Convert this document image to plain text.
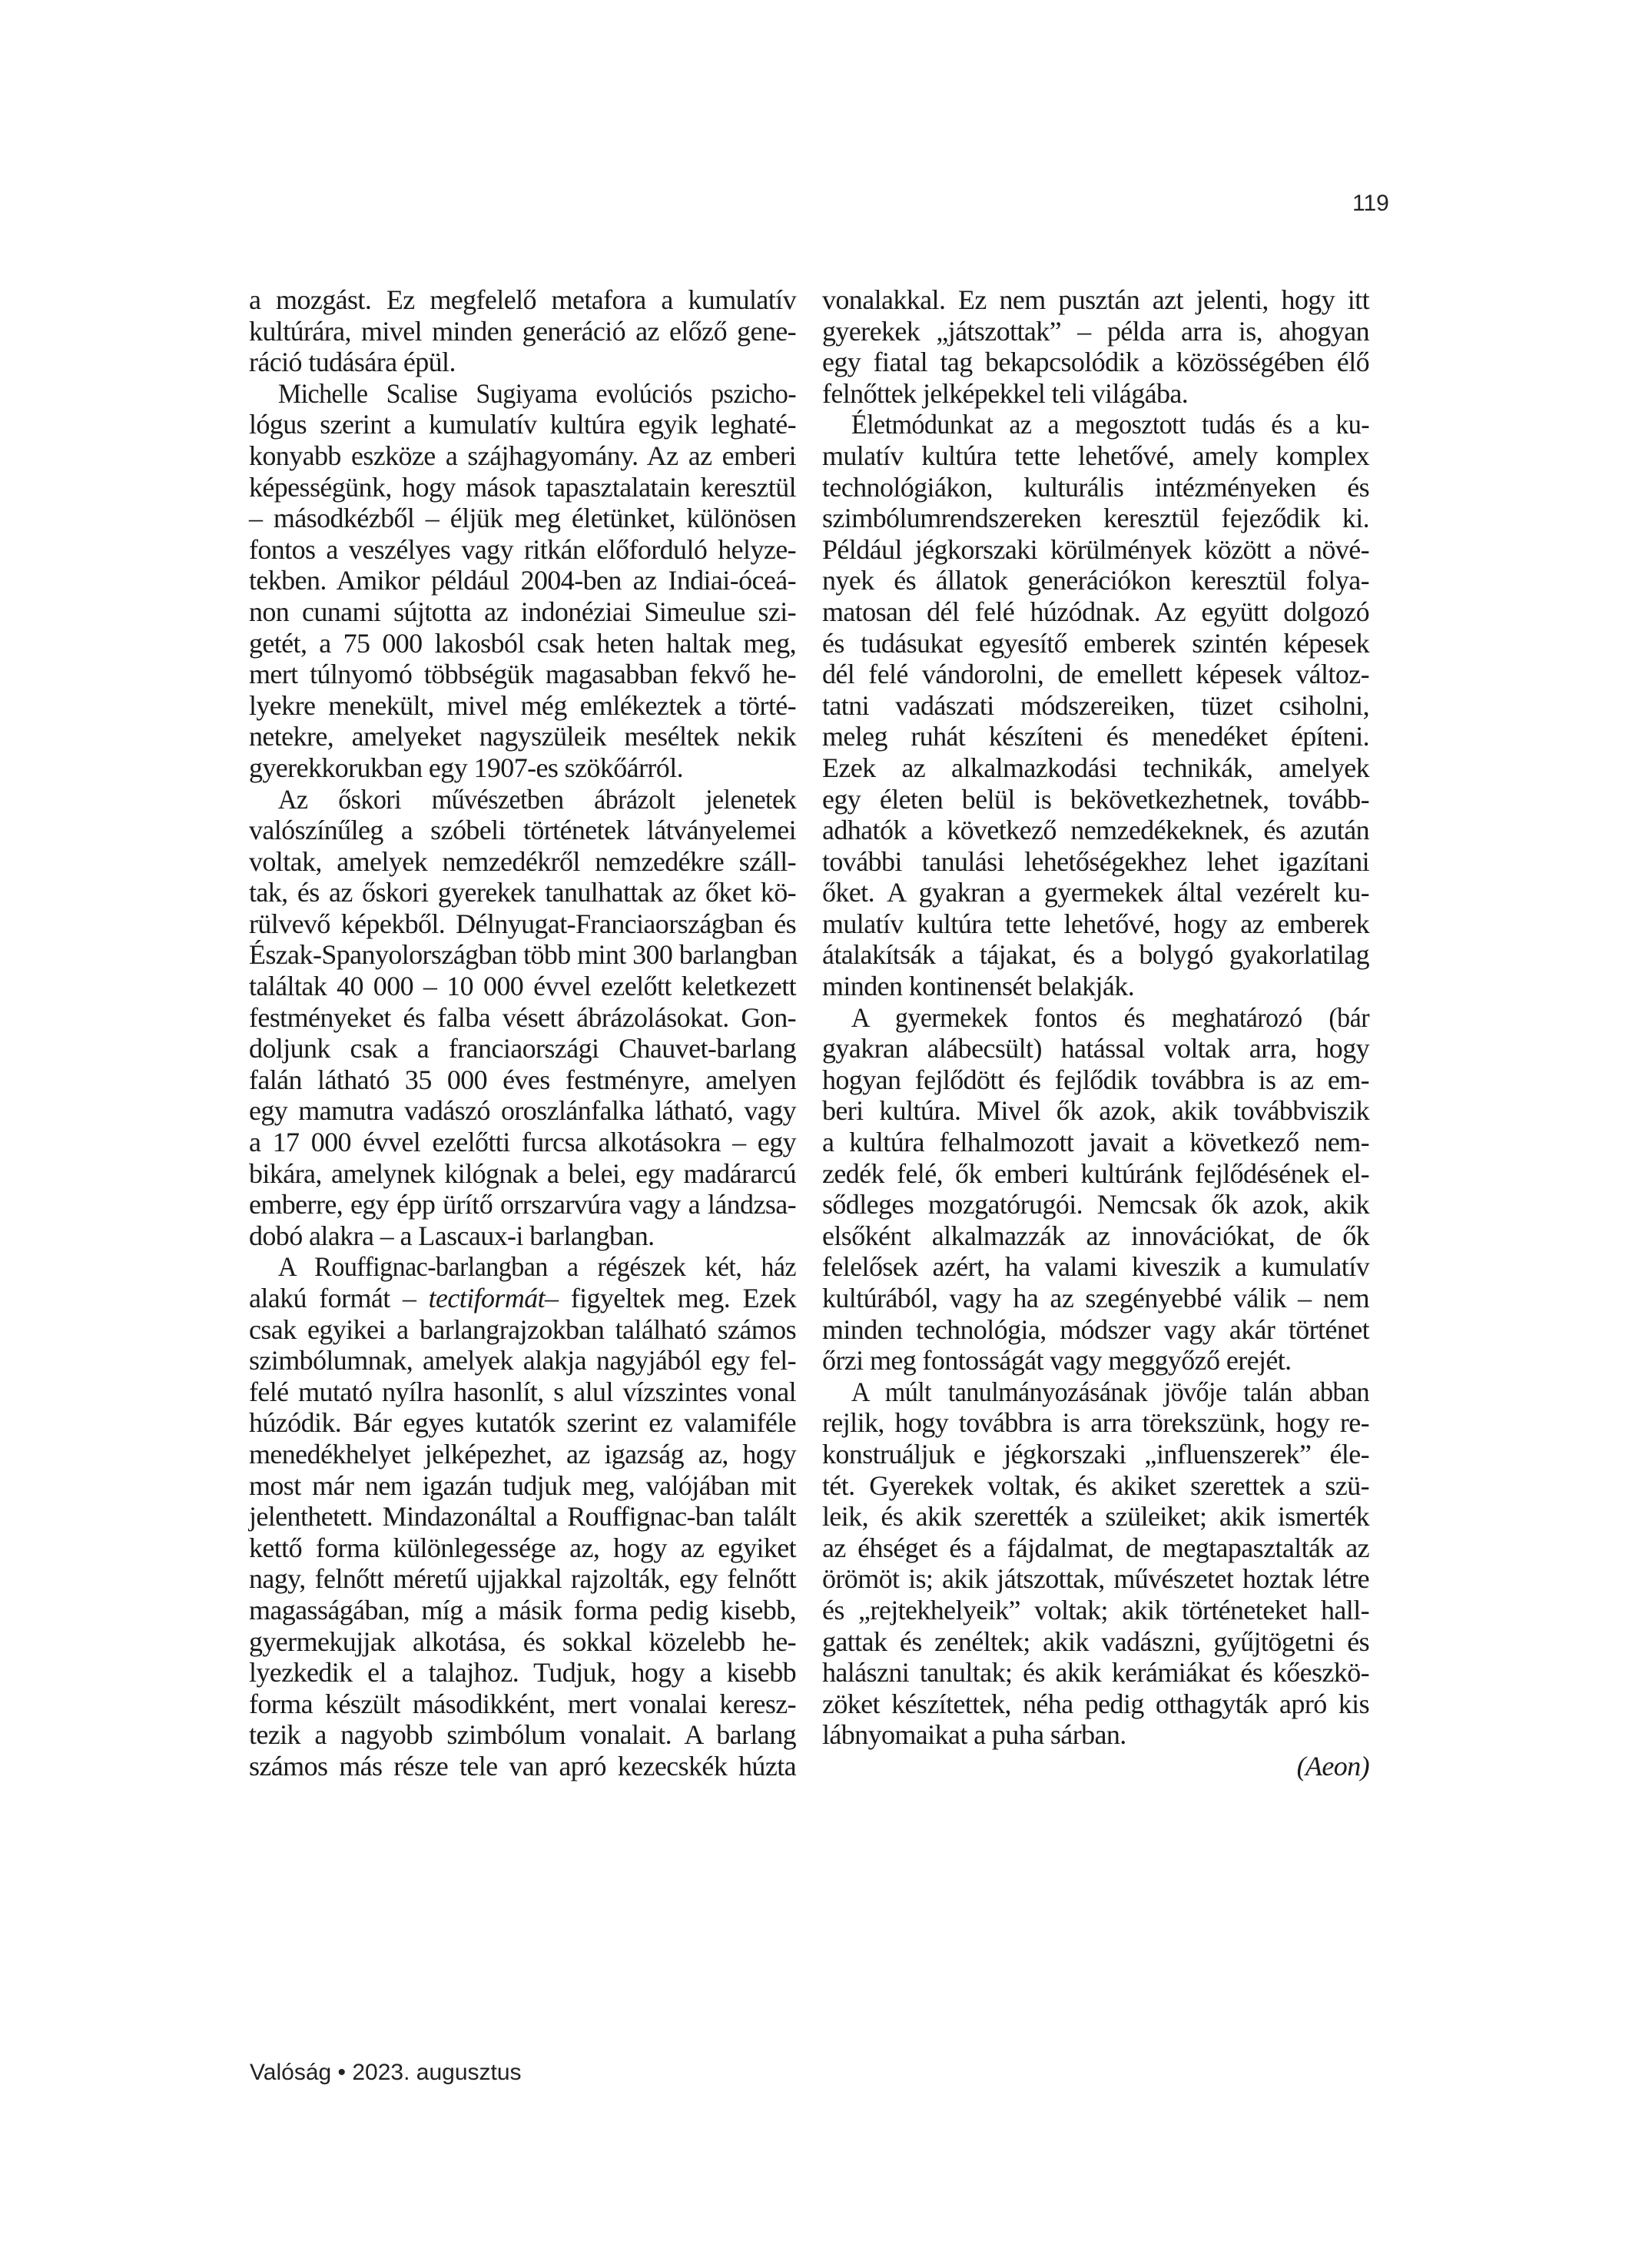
119
a mozgást. Ez megfelelő metafora a kumulatív
kultúrára, mivel minden generáció az előző gene-
ráció tudására épül.
Michelle Scalise Sugiyama evolúciós pszicho-
lógus szerint a kumulatív kultúra egyik leghaté-
konyabb eszköze a szájhagyomány. Az az emberi
képességünk, hogy mások tapasztalatain keresztül
– másodkézből – éljük meg életünket, különösen
fontos a veszélyes vagy ritkán előforduló helyze-
tekben. Amikor például 2004-ben az Indiai-óceá-
non cunami sújtotta az indonéziai Simeulue szi-
getét, a 75 000 lakosból csak heten haltak meg,
mert túlnyomó többségük magasabban fekvő he-
lyekre menekült, mivel még emlékeztek a törté-
netekre, amelyeket nagyszüleik meséltek nekik
gyerekkorukban egy 1907-es szökőárról.
Az őskori művészetben ábrázolt jelenetek
valószínűleg a szóbeli történetek látványelemei
voltak, amelyek nemzedékről nemzedékre száll-
tak, és az őskori gyerekek tanulhattak az őket kö-
rülvevő képekből. Délnyugat-Franciaországban és
Észak-Spanyolországban több mint 300 barlangban
találtak 40 000 – 10 000 évvel ezelőtt keletkezett
festményeket és falba vésett ábrázolásokat. Gon-
doljunk csak a franciaországi Chauvet-barlang
falán látható 35 000 éves festményre, amelyen
egy mamutra vadászó oroszlánfalka látható, vagy
a 17 000 évvel ezelőtti furcsa alkotásokra – egy
bikára, amelynek kilógnak a belei, egy madárarcú
emberre, egy épp ürítő orrszarvúra vagy a lándzsa-
dobó alakra – a Lascaux-i barlangban.
A Rouffignac-barlangban a régészek két, ház
alakú formát – tectiformát– figyeltek meg. Ezek
csak egyikei a barlangrajzokban található számos
szimbólumnak, amelyek alakja nagyjából egy fel-
felé mutató nyílra hasonlít, s alul vízszintes vonal
húzódik. Bár egyes kutatók szerint ez valamiféle
menedékhelyet jelképezhet, az igazság az, hogy
most már nem igazán tudjuk meg, valójában mit
jelenthetett. Mindazonáltal a Rouffignac-ban talált
kettő forma különlegessége az, hogy az egyiket
nagy, felnőtt méretű ujjakkal rajzolták, egy felnőtt
magasságában, míg a másik forma pedig kisebb,
gyermekujjak alkotása, és sokkal közelebb he-
lyezkedik el a talajhoz. Tudjuk, hogy a kisebb
forma készült másodikként, mert vonalai keresz-
tezik a nagyobb szimbólum vonalait. A barlang
számos más része tele van apró kezecskék húzta
vonalakkal. Ez nem pusztán azt jelenti, hogy itt
gyerekek „játszottak” – példa arra is, ahogyan
egy fiatal tag bekapcsolódik a közösségében élő
felnőttek jelképekkel teli világába.
Életmódunkat az a megosztott tudás és a ku-
mulatív kultúra tette lehetővé, amely komplex
technológiákon, kulturális intézményeken és
szimbólumrendszereken keresztül fejeződik ki.
Például jégkorszaki körülmények között a növé-
nyek és állatok generációkon keresztül folya-
matosan dél felé húzódnak. Az együtt dolgozó
és tudásukat egyesítő emberek szintén képesek
dél felé vándorolni, de emellett képesek változ-
tatni vadászati módszereiken, tüzet csiholni,
meleg ruhát készíteni és menedéket építeni.
Ezek az alkalmazkodási technikák, amelyek
egy életen belül is bekövetkezhetnek, tovább-
adhatók a következő nemzedékeknek, és azután
további tanulási lehetőségekhez lehet igazítani
őket. A gyakran a gyermekek által vezérelt ku-
mulatív kultúra tette lehetővé, hogy az emberek
átalakítsák a tájakat, és a bolygó gyakorlatilag
minden kontinensét belakják.
A gyermekek fontos és meghatározó (bár
gyakran alábecsült) hatással voltak arra, hogy
hogyan fejlődött és fejlődik továbbra is az em-
beri kultúra. Mivel ők azok, akik továbbviszik
a kultúra felhalmozott javait a következő nem-
zedék felé, ők emberi kultúránk fejlődésének el-
sődleges mozgatórugói. Nemcsak ők azok, akik
elsőként alkalmazzák az innovációkat, de ők
felelősek azért, ha valami kiveszik a kumulatív
kultúrából, vagy ha az szegényebbé válik – nem
minden technológia, módszer vagy akár történet
őrzi meg fontosságát vagy meggyőző erejét.
A múlt tanulmányozásának jövője talán abban
rejlik, hogy továbbra is arra törekszünk, hogy re-
konstruáljuk e jégkorszaki „influenszerek” éle-
tét. Gyerekek voltak, és akiket szerettek a szü-
leik, és akik szerették a szüleiket; akik ismerték
az éhséget és a fájdalmat, de megtapasztalták az
örömöt is; akik játszottak, művészetet hoztak létre
és „rejtekhelyeik” voltak; akik történeteket hall-
gattak és zenéltek; akik vadászni, gyűjtögetni és
halászni tanultak; és akik kerámiákat és kőeszkö-
zöket készítettek, néha pedig otthagyták apró kis
lábnyomaikat a puha sárban.
(Aeon)
Valóság • 2023. augusztus
